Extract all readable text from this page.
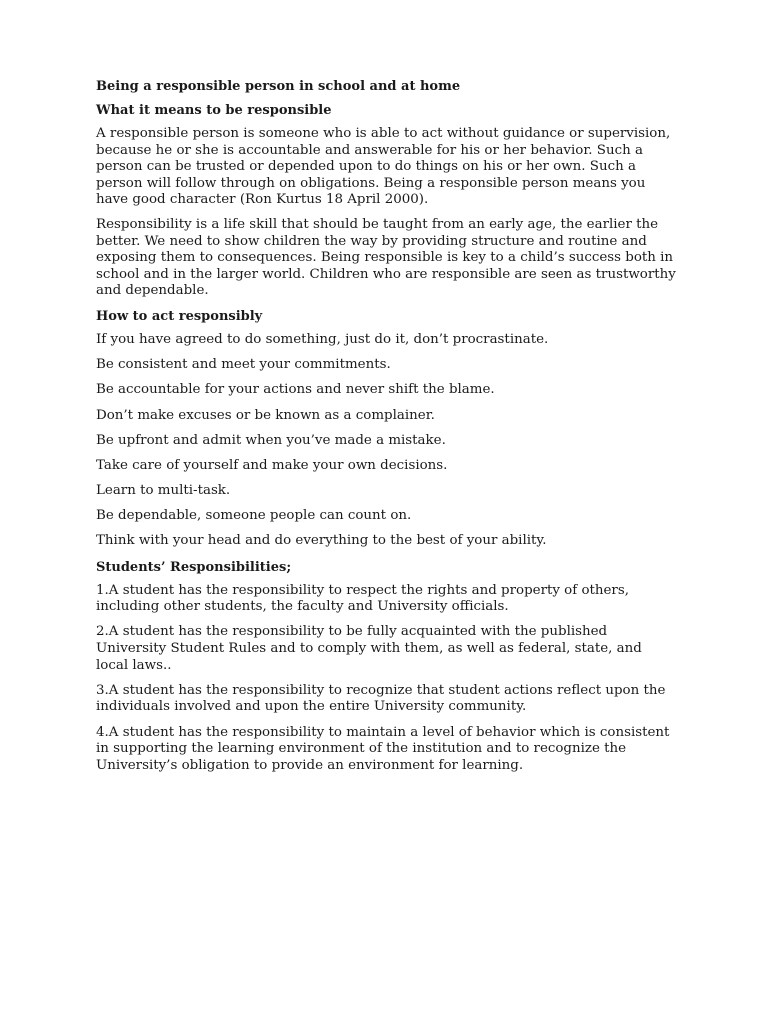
Being a responsible person in school and at home
What it means to be responsible

A responsible person is someone who is able to act without guidance or supervision, because he or she is accountable and answerable for his or her behavior. Such a person can be trusted or depended upon to do things on his or her own. Such a person will follow through on obligations. Being a responsible person means you have good character (Ron Kurtus 18 April 2000).

Responsibility is a life skill that should be taught from an early age, the earlier the better. We need to show children the way by providing structure and routine and exposing them to consequences. Being responsible is key to a child’s success both in school and in the larger world. Children who are responsible are seen as trustworthy and dependable.

How to act responsibly
If you have agreed to do something, just do it, don’t procrastinate.
Be consistent and meet your commitments.
Be accountable for your actions and never shift the blame.
Don’t make excuses or be known as a complainer.
Be upfront and admit when you’ve made a mistake.
Take care of yourself and make your own decisions.
Learn to multi-task.
Be dependable, someone people can count on.
Think with your head and do everything to the best of your ability.
Students’ Responsibilities;
1.A student has the responsibility to respect the rights and property of others, including other students, the faculty and University officials.
2.A student has the responsibility to be fully acquainted with the published University Student Rules and to comply with them, as well as federal, state, and local laws..
3.A student has the responsibility to recognize that student actions reflect upon the individuals involved and upon the entire University community.
4.A student has the responsibility to maintain a level of behavior which is consistent in supporting the learning environment of the institution and to recognize the University’s obligation to provide an environment for learning.
